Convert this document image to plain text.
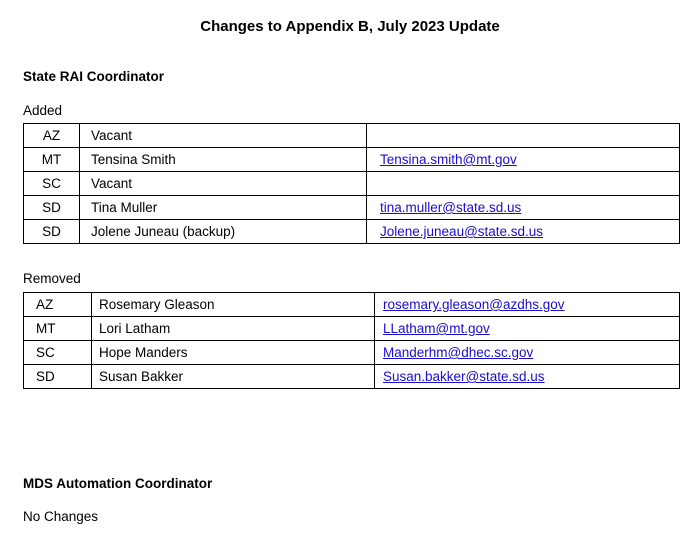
Changes to Appendix B, July 2023 Update
State RAI Coordinator
Added
AZ	Vacant	
MT	Tensina Smith	Tensina.smith@mt.gov
SC	Vacant	
SD	Tina Muller	tina.muller@state.sd.us
SD	Jolene Juneau (backup)	Jolene.juneau@state.sd.us
Removed
AZ	Rosemary Gleason	rosemary.gleason@azdhs.gov
MT	Lori Latham	LLatham@mt.gov
SC	Hope Manders	Manderhm@dhec.sc.gov
SD	Susan Bakker	Susan.bakker@state.sd.us
MDS Automation Coordinator
No Changes
